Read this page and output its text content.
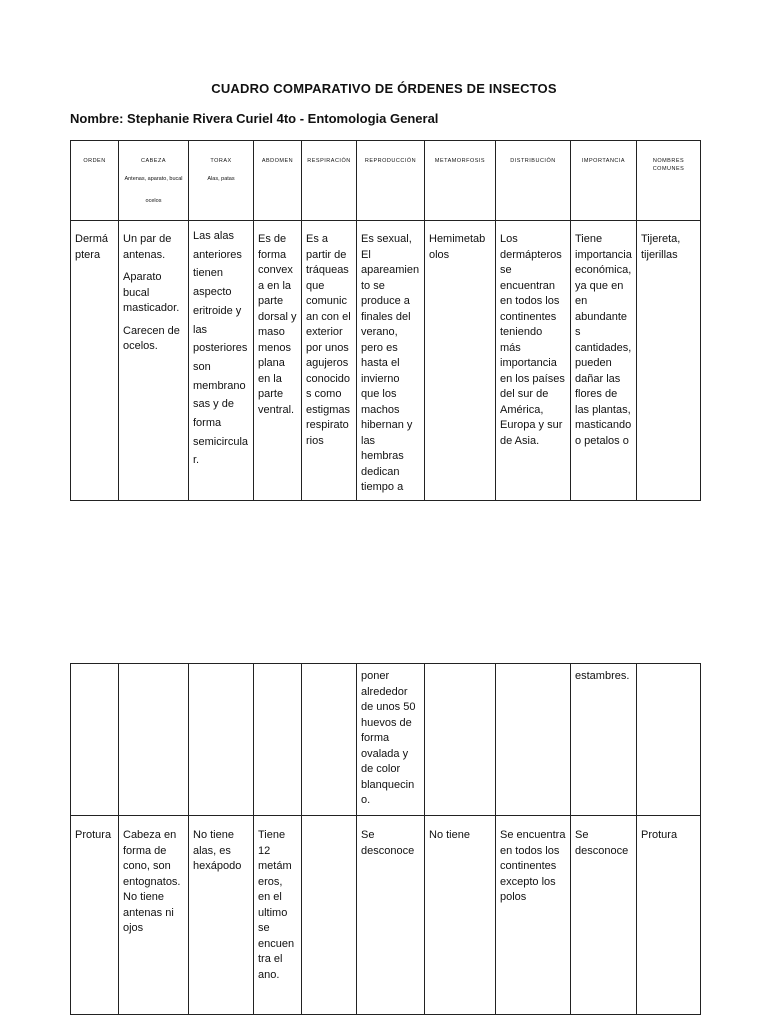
CUADRO COMPARATIVO DE ÓRDENES DE INSECTOS
Nombre: Stephanie Rivera Curiel 4to - Entomologia General
ORDEN	CABEZA
Antenas, aparato, bucal
ocelos	TORAX
Alas, patas	ABDOMEN	RESPIRACIÓN	REPRODUCCIÓN	METAMORFOSIS	DISTRIBUCIÓN	IMPORTANCIA	NOMBRES COMUNES

Dermáptera	Un par de antenas.

Aparato bucal masticador.

Carecen de ocelos.	Las alas anteriores tienen aspecto eritroide y las posteriores son membranosas y de forma semicircular.	Es de forma convexa en la parte dorsal y maso menos plana en la parte ventral.	Es a partir de tráqueas que comunican con el exterior por unos agujeros conocidos como estigmas respiratorios	Es sexual, El apareamiento se produce a finales del verano, pero es hasta el invierno que los machos hibernan y las hembras dedican tiempo a	Hemimetabolos	Los dermápteros se encuentran en todos los continentes teniendo más importancia en los países del sur de América, Europa y sur de Asia.	Tiene importancia económica, ya que en en abundantes cantidades, pueden dañar las flores de las plantas, masticando o petalos o	Tijereta, tijerillas
					poner alrededor de unos 50 huevos de forma ovalada y de color blanquecino.			estambres.	
Protura	Cabeza en forma de cono, son entognatos. No tiene antenas ni ojos	No tiene alas, es hexápodo	Tiene 12 metámeros, en el ultimo se encuentra el ano.		Se desconoce	No tiene	Se encuentra en todos los continentes excepto los polos	Se desconoce	Protura
